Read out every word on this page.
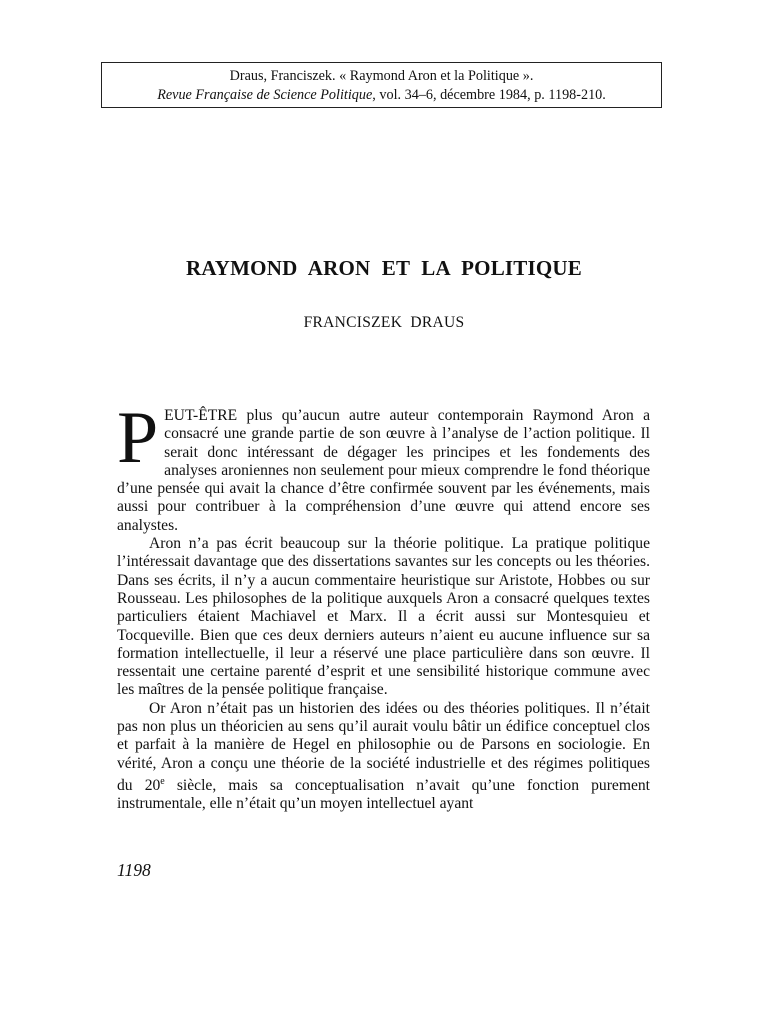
Draus, Franciszek. « Raymond Aron et la Politique ».
Revue Française de Science Politique, vol. 34–6, décembre 1984, p. 1198-210.
RAYMOND ARON ET LA POLITIQUE
FRANCISZEK DRAUS

PEUT-ÊTRE plus qu’aucun autre auteur contemporain Raymond Aron a consacré une grande partie de son œuvre à l’analyse de l’action politique. Il serait donc intéressant de dégager les principes et les fondements des analyses aroniennes non seulement pour mieux comprendre le fond théorique d’une pensée qui avait la chance d’être confirmée souvent par les événements, mais aussi pour contribuer à la compréhension d’une œuvre qui attend encore ses analystes.

Aron n’a pas écrit beaucoup sur la théorie politique. La pratique politique l’intéressait davantage que des dissertations savantes sur les concepts ou les théories. Dans ses écrits, il n’y a aucun commentaire heuristique sur Aristote, Hobbes ou sur Rousseau. Les philosophes de la politique auxquels Aron a consacré quelques textes particuliers étaient Machiavel et Marx. Il a écrit aussi sur Montesquieu et Tocqueville. Bien que ces deux derniers auteurs n’aient eu aucune influence sur sa formation intellectuelle, il leur a réservé une place particulière dans son œuvre. Il ressentait une certaine parenté d’esprit et une sensibilité historique commune avec les maîtres de la pensée politique française.

Or Aron n’était pas un historien des idées ou des théories politiques. Il n’était pas non plus un théoricien au sens qu’il aurait voulu bâtir un édifice conceptuel clos et parfait à la manière de Hegel en philosophie ou de Parsons en sociologie. En vérité, Aron a conçu une théorie de la société industrielle et des régimes politiques du 20e siècle, mais sa conceptualisation n’avait qu’une fonction purement instrumentale, elle n’était qu’un moyen intellectuel ayant

1198
